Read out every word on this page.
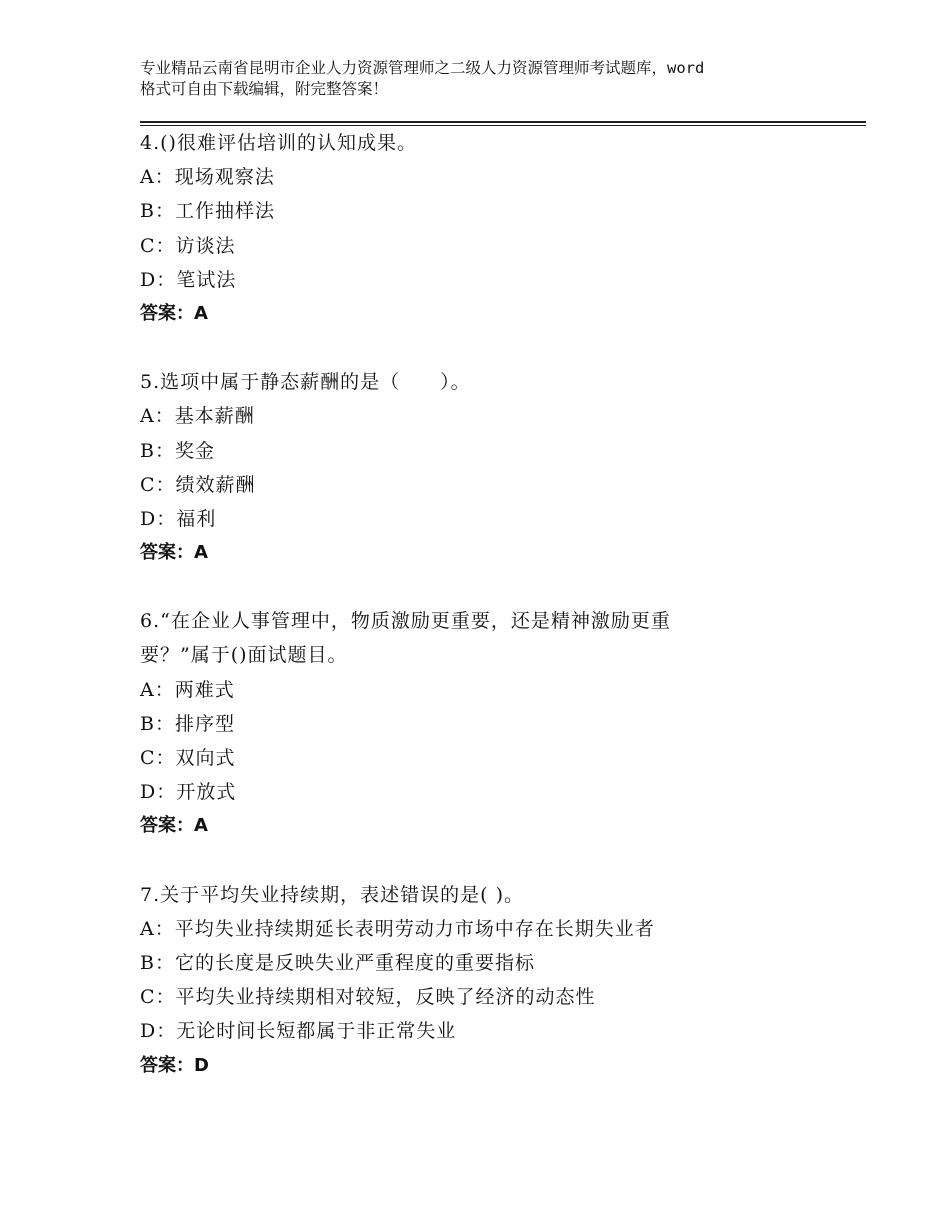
专业精品云南省昆明市企业人力资源管理师之二级人力资源管理师考试题库，word
格式可自由下载编辑，附完整答案！
4.()很难评估培训的认知成果。
A：现场观察法
B：工作抽样法
C：访谈法
D：笔试法
答案：A
5.选项中属于静态薪酬的是（　　）。
A：基本薪酬
B：奖金
C：绩效薪酬
D：福利
答案：A
6.“在企业人事管理中，物质激励更重要，还是精神激励更重要？”属于()面试题目。
A：两难式
B：排序型
C：双向式
D：开放式
答案：A
7.关于平均失业持续期，表述错误的是( )。
A：平均失业持续期延长表明劳动力市场中存在长期失业者
B：它的长度是反映失业严重程度的重要指标
C：平均失业持续期相对较短，反映了经济的动态性
D：无论时间长短都属于非正常失业
答案：D
